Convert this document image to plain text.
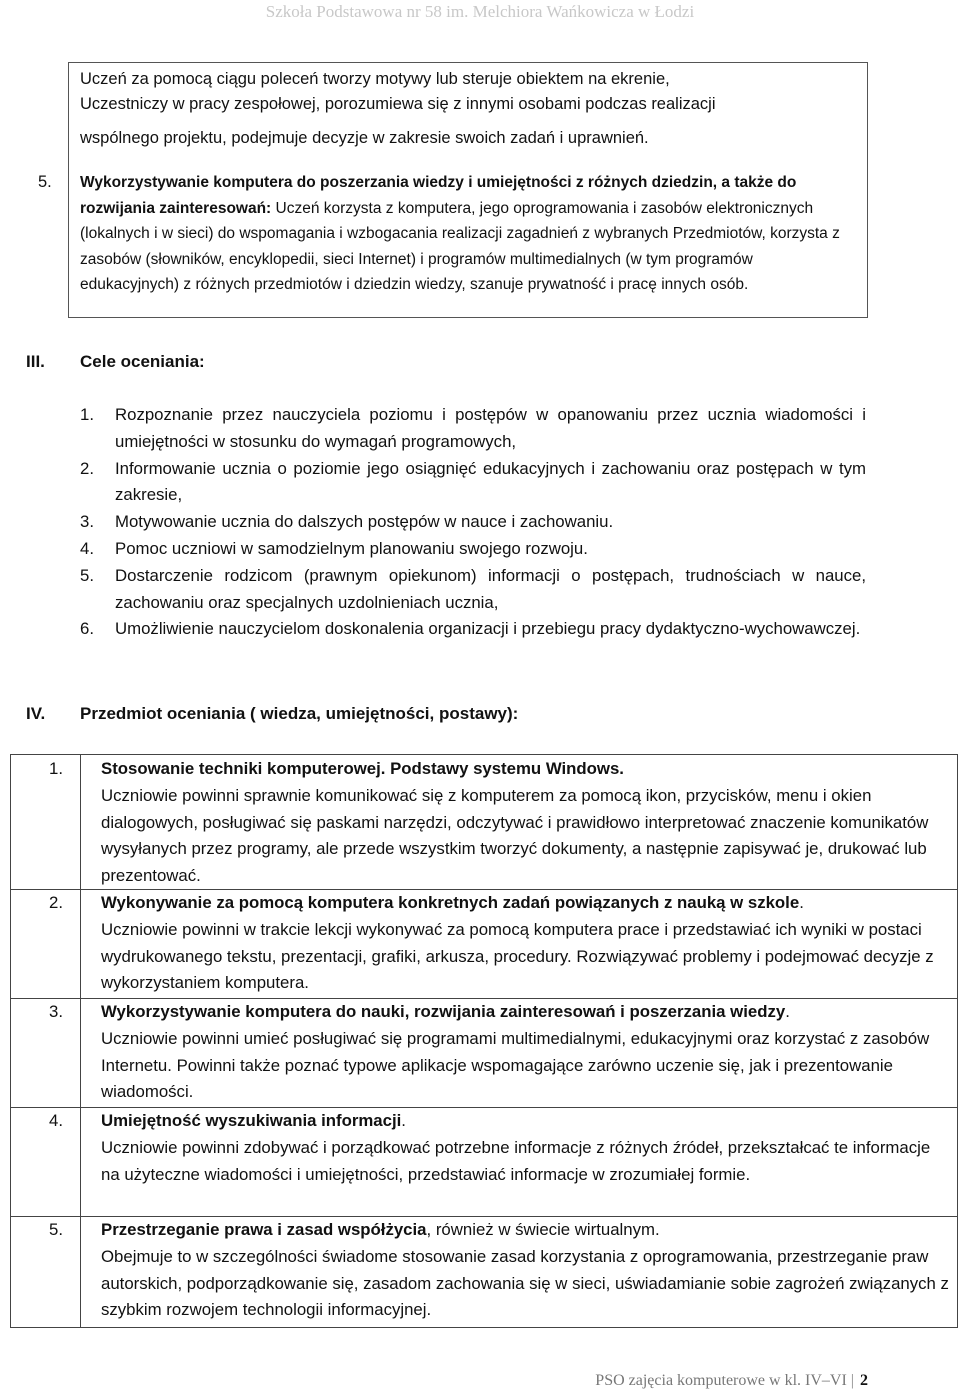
Szkoła Podstawowa nr 58 im. Melchiora Wańkowicza w Łodzi
Uczeń za pomocą ciągu poleceń tworzy motywy lub steruje obiektem na ekrenie,
Uczestniczy w pracy zespołowej, porozumiewa się z innymi osobami podczas realizacji

wspólnego projektu, podejmuje decyzje w zakresie swoich zadań i uprawnień.
5. Wykorzystywanie komputera do poszerzania wiedzy i umiejętności z różnych dziedzin, a także do rozwijania zainteresowań: Uczeń korzysta z komputera, jego oprogramowania i zasobów elektronicznych (lokalnych i w sieci) do wspomagania i wzbogacania realizacji zagadnień z wybranych Przedmiotów, korzysta z zasobów (słowników, encyklopedii, sieci Internet) i programów multimedialnych (w tym programów edukacyjnych) z różnych przedmiotów i dziedzin wiedzy, szanuje prywatność i pracę innych osób.
III. Cele oceniania:
1. Rozpoznanie przez nauczyciela poziomu i postępów w opanowaniu przez ucznia wiadomości i umiejętności w stosunku do wymagań programowych,
2. Informowanie ucznia o poziomie jego osiągnięć edukacyjnych i zachowaniu oraz postępach w tym zakresie,
3. Motywowanie ucznia do dalszych postępów w nauce i zachowaniu.
4. Pomoc uczniowi w samodzielnym planowaniu swojego rozwoju.
5. Dostarczenie rodzicom (prawnym opiekunom) informacji o postępach, trudnościach w nauce, zachowaniu oraz specjalnych uzdolnieniach ucznia,
6. Umożliwienie nauczycielom doskonalenia organizacji i przebiegu pracy dydaktyczno-wychowawczej.
IV. Przedmiot oceniania ( wiedza, umiejętności, postawy):
1. Stosowanie techniki komputerowej. Podstawy systemu Windows.
Uczniowie powinni sprawnie komunikować się z komputerem za pomocą ikon, przycisków, menu i okien dialogowych, posługiwać się paskami narzędzi, odczytywać i prawidłowo interpretować znaczenie komunikatów wysyłanych przez programy, ale przede wszystkim tworzyć dokumenty, a następnie zapisywać je, drukować lub prezentować.
2. Wykonywanie za pomocą komputera konkretnych zadań powiązanych z nauką w szkole.
Uczniowie powinni w trakcie lekcji wykonywać za pomocą komputera prace i przedstawiać ich wyniki w postaci wydrukowanego tekstu, prezentacji, grafiki, arkusza, procedury. Rozwiązywać problemy i podejmować decyzje z wykorzystaniem komputera.
3. Wykorzystywanie komputera do nauki, rozwijania zainteresowań i poszerzania wiedzy.
Uczniowie powinni umieć posługiwać się programami multimedialnymi, edukacyjnymi oraz korzystać z zasobów Internetu. Powinni także poznać typowe aplikacje wspomagające zarówno uczenie się, jak i prezentowanie wiadomości.
4. Umiejętność wyszukiwania informacji.
Uczniowie powinni zdobywać i porządkować potrzebne informacje z różnych źródeł, przekształcać te informacje na użyteczne wiadomości i umiejętności, przedstawiać informacje w zrozumiałej formie.
5. Przestrzeganie prawa i zasad współżycia, również w świecie wirtualnym.
Obejmuje to w szczególności świadome stosowanie zasad korzystania z oprogramowania, przestrzeganie praw autorskich, podporządkowanie się, zasadom zachowania się w sieci, uświadamianie sobie zagrożeń związanych z szybkim rozwojem technologii informacyjnej.
PSO zajęcia komputerowe w kl. IV–VI | 2
